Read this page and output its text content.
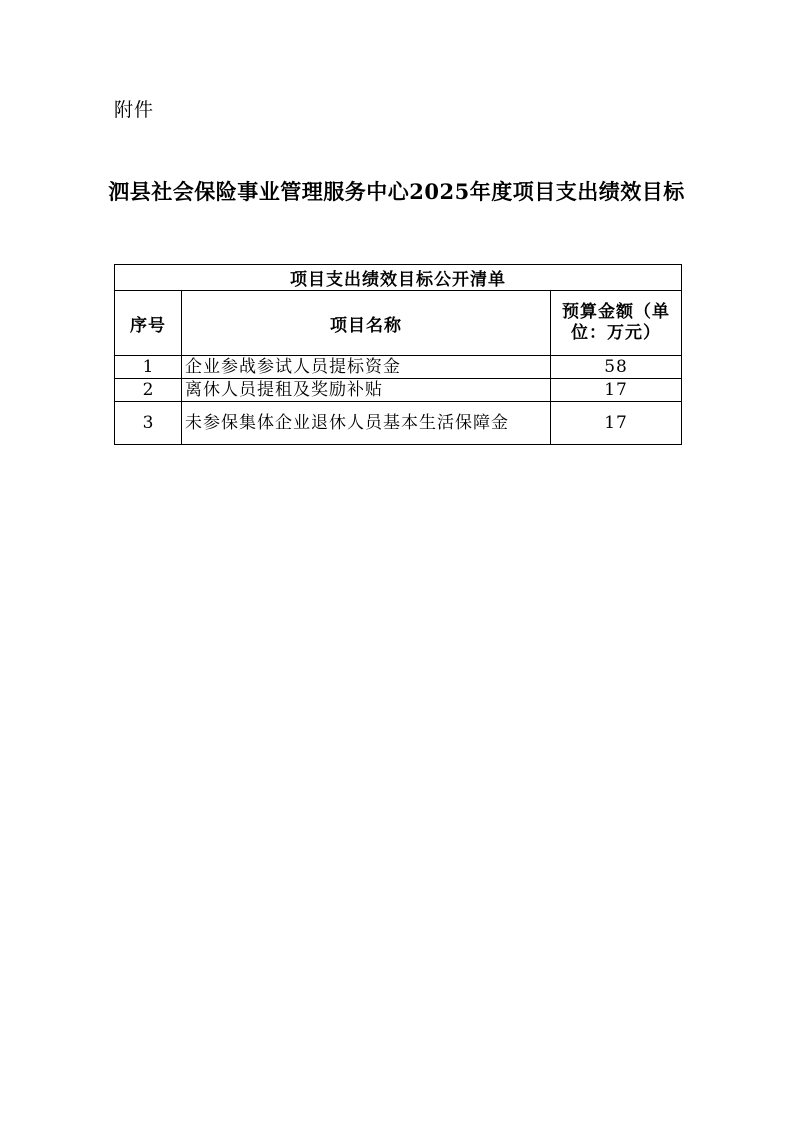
附件
泗县社会保险事业管理服务中心2025年度项目支出绩效目标
项目支出绩效目标公开清单		
序号	项目名称	预算金额（单位：万元）
1	企业参战参试人员提标资金	58
2	离休人员提租及奖励补贴	17
3	未参保集体企业退休人员基本生活保障金	17
